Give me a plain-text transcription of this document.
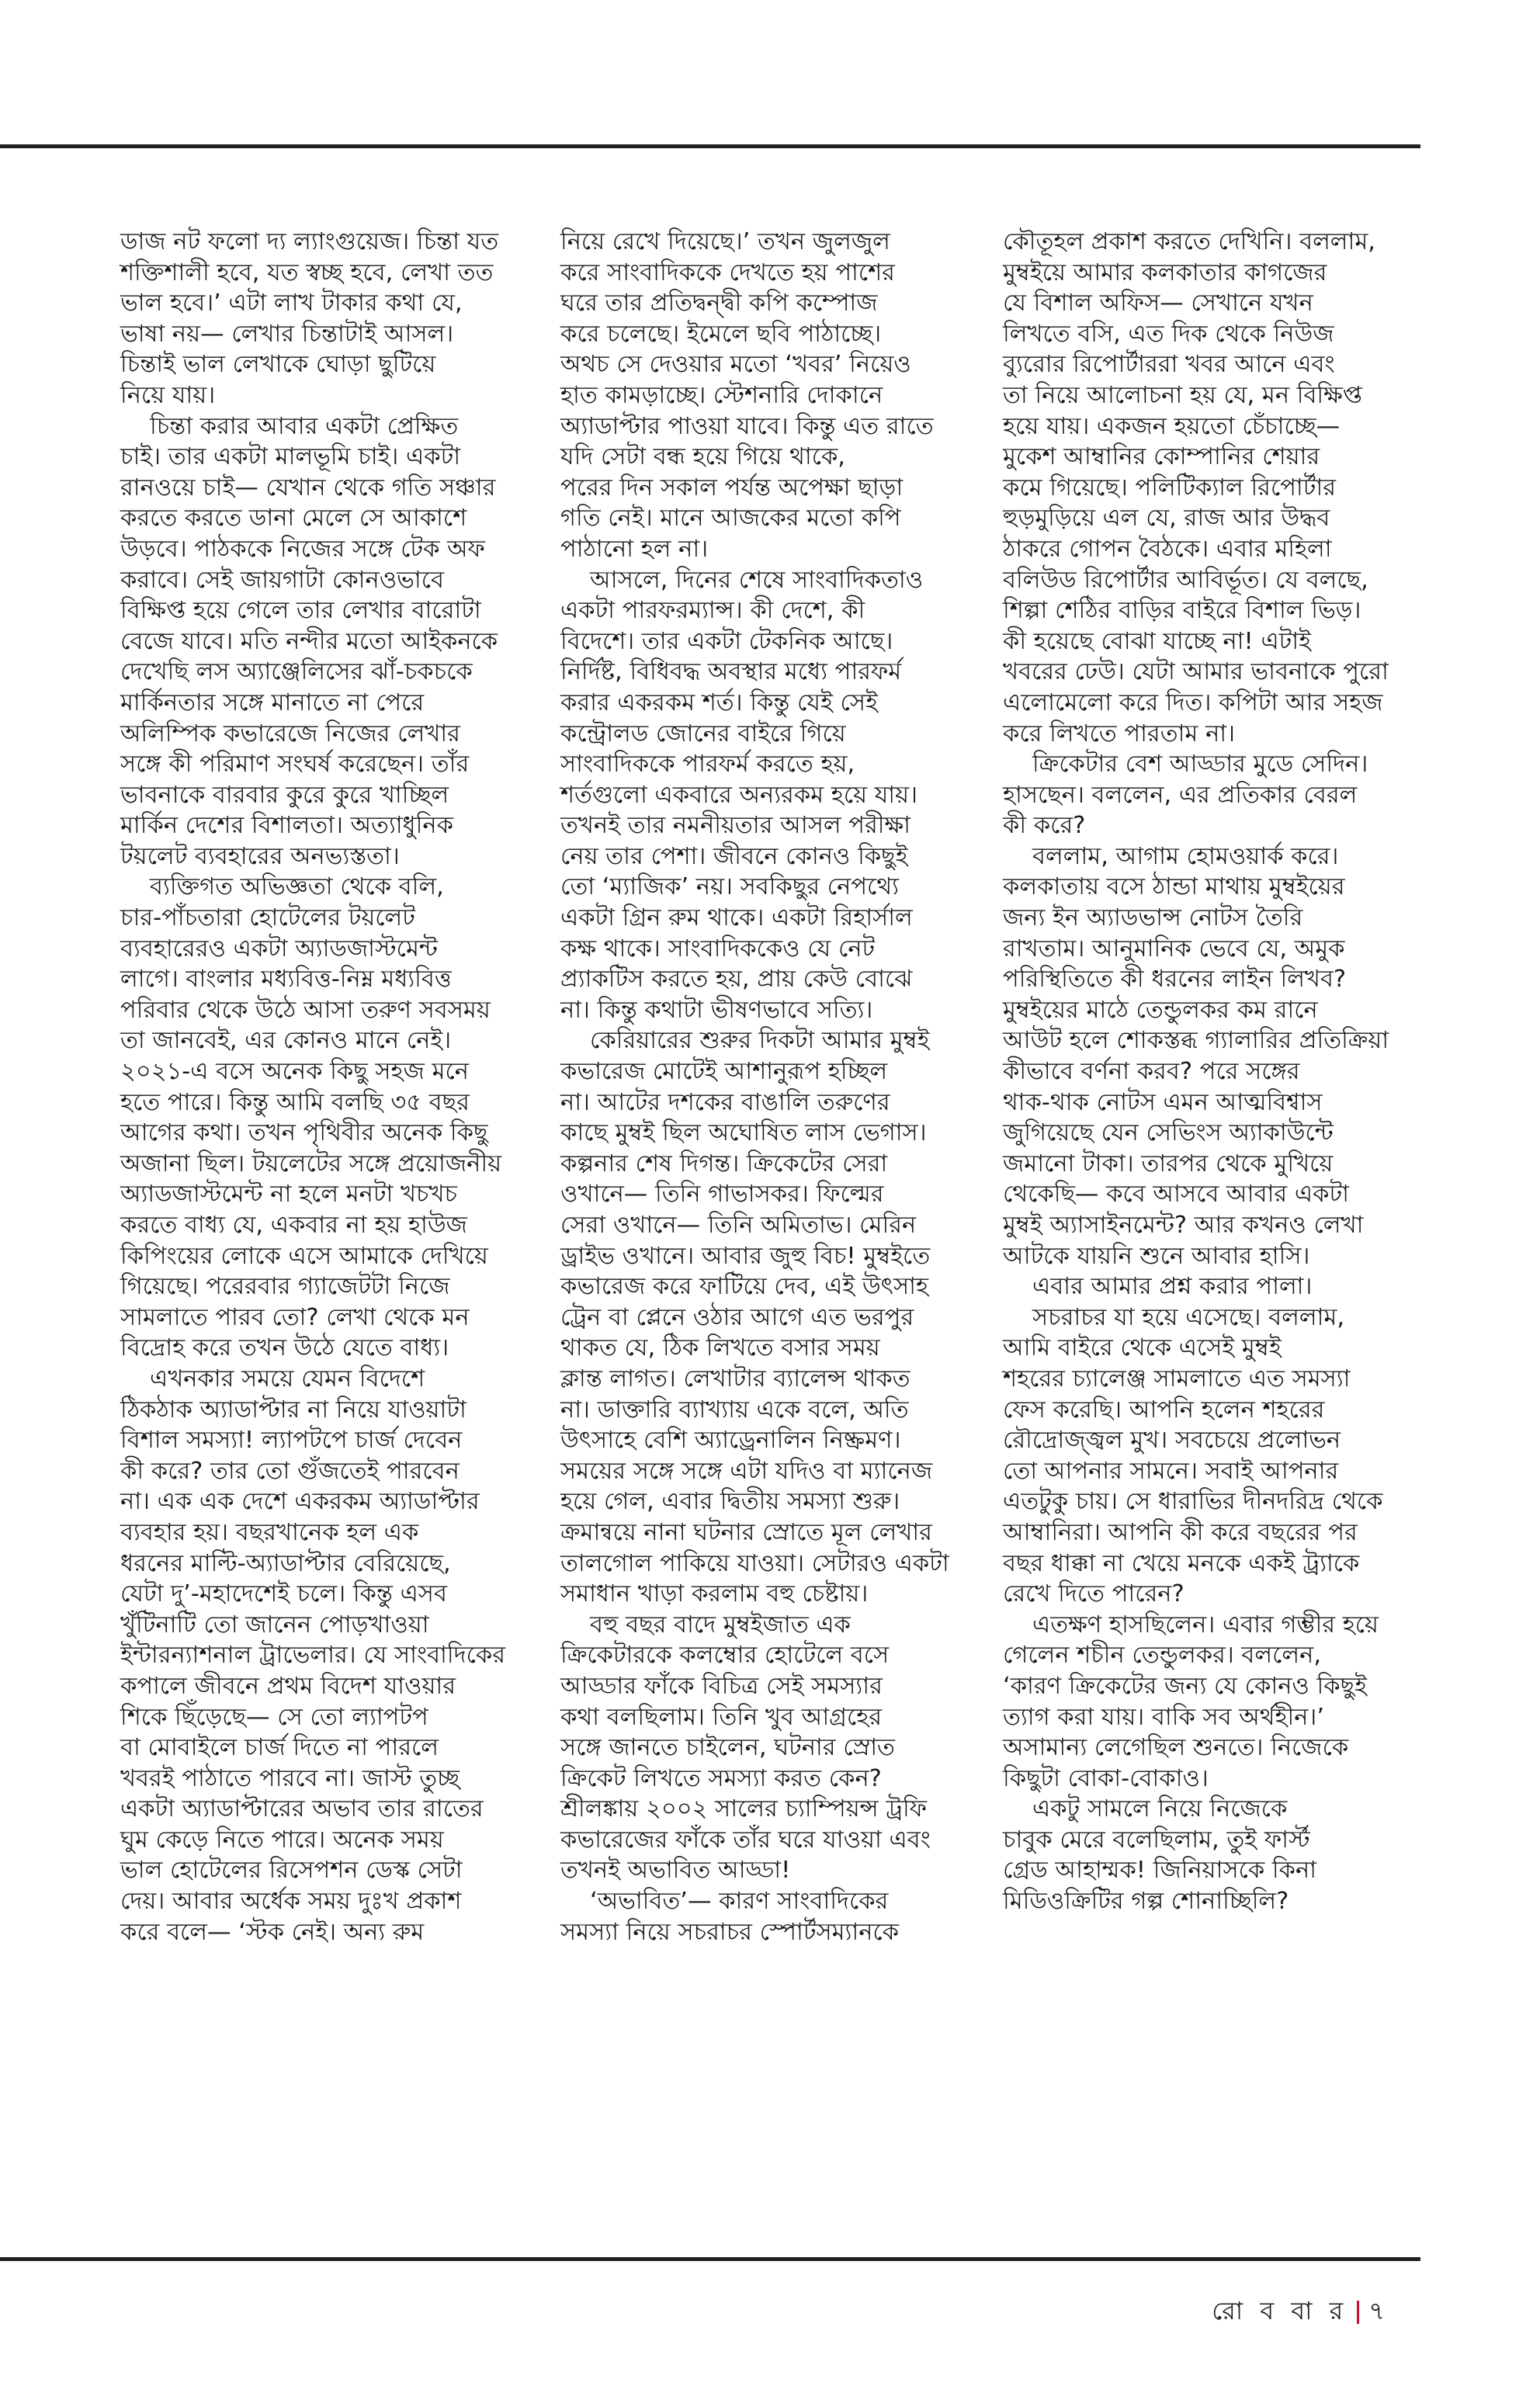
ডাজ নট ফলো দ্য ল্যাংগুয়েজ। চিন্তা যত
শক্তিশালী হবে, যত স্বচ্ছ হবে, লেখা তত
ভাল হবে।’ এটা লাখ টাকার কথা যে,
ভাষা নয়— লেখার চিন্তাটাই আসল।
চিন্তাই ভাল লেখাকে ঘোড়া ছুটিয়ে
নিয়ে যায়।
চিন্তা করার আবার একটা প্রেক্ষিত
চাই। তার একটা মালভূমি চাই। একটা
রানওয়ে চাই— যেখান থেকে গতি সঞ্চার
করতে করতে ডানা মেলে সে আকাশে
উড়বে। পাঠককে নিজের সঙ্গে টেক অফ
করাবে। সেই জায়গাটা কোনওভাবে
বিক্ষিপ্ত হয়ে গেলে তার লেখার বারোটা
বেজে যাবে। মতি নন্দীর মতো আইকনকে
দেখেছি লস অ্যাঞ্জেলিসের ঝাঁ-চকচকে
মার্কিনতার সঙ্গে মানাতে না পেরে
অলিম্পিক কভারেজে নিজের লেখার
সঙ্গে কী পরিমাণ সংঘর্ষ করেছেন। তাঁর
ভাবনাকে বারবার কুরে কুরে খাচ্ছিল
মার্কিন দেশের বিশালতা। অত্যাধুনিক
টয়লেট ব্যবহারের অনভ্যস্ততা।
ব্যক্তিগত অভিজ্ঞতা থেকে বলি,
চার-পাঁচতারা হোটেলের টয়লেট
ব্যবহারেরও একটা অ্যাডজাস্টমেন্ট
লাগে। বাংলার মধ্যবিত্ত-নিম্ন মধ্যবিত্ত
পরিবার থেকে উঠে আসা তরুণ সবসময়
তা জানবেই, এর কোনও মানে নেই।
২০২১-এ বসে অনেক কিছু সহজ মনে
হতে পারে। কিন্তু আমি বলছি ৩৫ বছর
আগের কথা। তখন পৃথিবীর অনেক কিছু
অজানা ছিল। টয়লেটের সঙ্গে প্রয়োজনীয়
অ্যাডজাস্টমেন্ট না হলে মনটা খচখচ
করতে বাধ্য যে, একবার না হয় হাউজ
কিপিংয়ের লোকে এসে আমাকে দেখিয়ে
গিয়েছে। পরেরবার গ্যাজেটটা নিজে
সামলাতে পারব তো? লেখা থেকে মন
বিদ্রোহ করে তখন উঠে যেতে বাধ্য।
এখনকার সময়ে যেমন বিদেশে
ঠিকঠাক অ্যাডাপ্টার না নিয়ে যাওয়াটা
বিশাল সমস্যা! ল্যাপটপে চার্জ দেবেন
কী করে? তার তো গুঁজতেই পারবেন
না। এক এক দেশে একরকম অ্যাডাপ্টার
ব্যবহার হয়। বছরখানেক হল এক
ধরনের মাল্টি-অ্যাডাপ্টার বেরিয়েছে,
যেটা দু’-মহাদেশেই চলে। কিন্তু এসব
খুঁটিনাটি তো জানেন পোড়খাওয়া
ইন্টারন্যাশনাল ট্রাভেলার। যে সাংবাদিকের
কপালে জীবনে প্রথম বিদেশ যাওয়ার
শিকে ছিঁড়েছে— সে তো ল্যাপটপ
বা মোবাইলে চার্জ দিতে না পারলে
খবরই পাঠাতে পারবে না। জাস্ট তুচ্ছ
একটা অ্যাডাপ্টারের অভাব তার রাতের
ঘুম কেড়ে নিতে পারে। অনেক সময়
ভাল হোটেলের রিসেপশন ডেস্ক সেটা
দেয়। আবার অর্ধেক সময় দুঃখ প্রকাশ
করে বলে— ‘স্টক নেই। অন্য রুম
নিয়ে রেখে দিয়েছে।’ তখন জুলজুল
করে সাংবাদিককে দেখতে হয় পাশের
ঘরে তার প্রতিদ্বন্দ্বী কপি কম্পোজ
করে চলেছে। ইমেলে ছবি পাঠাচ্ছে।
অথচ সে দেওয়ার মতো ‘খবর’ নিয়েও
হাত কামড়াচ্ছে। স্টেশনারি দোকানে
অ্যাডাপ্টার পাওয়া যাবে। কিন্তু এত রাতে
যদি সেটা বন্ধ হয়ে গিয়ে থাকে,
পরের দিন সকাল পর্যন্ত অপেক্ষা ছাড়া
গতি নেই। মানে আজকের মতো কপি
পাঠানো হল না।
আসলে, দিনের শেষে সাংবাদিকতাও
একটা পারফরম্যান্স। কী দেশে, কী
বিদেশে। তার একটা টেকনিক আছে।
নির্দিষ্ট, বিধিবদ্ধ অবস্থার মধ্যে পারফর্ম
করার একরকম শর্ত। কিন্তু যেই সেই
কন্ট্রোলড জোনের বাইরে গিয়ে
সাংবাদিককে পারফর্ম করতে হয়,
শর্তগুলো একবারে অন্যরকম হয়ে যায়।
তখনই তার নমনীয়তার আসল পরীক্ষা
নেয় তার পেশা। জীবনে কোনও কিছুই
তো ‘ম্যাজিক’ নয়। সবকিছুর নেপথ্যে
একটা গ্রিন রুম থাকে। একটা রিহার্সাল
কক্ষ থাকে। সাংবাদিককেও যে নেট
প্র্যাকটিস করতে হয়, প্রায় কেউ বোঝে
না। কিন্তু কথাটা ভীষণভাবে সত্যি।
কেরিয়ারের শুরুর দিকটা আমার মুম্বই
কভারেজ মোটেই আশানুরূপ হচ্ছিল
না। আটের দশকের বাঙালি তরুণের
কাছে মুম্বই ছিল অঘোষিত লাস ভেগাস।
কল্পনার শেষ দিগন্ত। ক্রিকেটের সেরা
ওখানে— তিনি গাভাসকর। ফিল্মের
সেরা ওখানে— তিনি অমিতাভ। মেরিন
ড্রাইভ ওখানে। আবার জুহু বিচ! মুম্বইতে
কভারেজ করে ফাটিয়ে দেব, এই উৎসাহ
ট্রেন বা প্লেনে ওঠার আগে এত ভরপুর
থাকত যে, ঠিক লিখতে বসার সময়
ক্লান্ত লাগত। লেখাটার ব্যালেন্স থাকত
না। ডাক্তারি ব্যাখ্যায় একে বলে, অতি
উৎসাহে বেশি অ্যাড্রেনালিন নিষ্ক্রমণ।
সময়ের সঙ্গে সঙ্গে এটা যদিও বা ম্যানেজ
হয়ে গেল, এবার দ্বিতীয় সমস্যা শুরু।
ক্রমান্বয়ে নানা ঘটনার স্রোতে মূল লেখার
তালগোল পাকিয়ে যাওয়া। সেটারও একটা
সমাধান খাড়া করলাম বহু চেষ্টায়।
বহু বছর বাদে মুম্বইজাত এক
ক্রিকেটারকে কলম্বোর হোটেলে বসে
আড্ডার ফাঁকে বিচিত্র সেই সমস্যার
কথা বলছিলাম। তিনি খুব আগ্রহের
সঙ্গে জানতে চাইলেন, ঘটনার স্রোত
ক্রিকেট লিখতে সমস্যা করত কেন?
শ্রীলঙ্কায় ২০০২ সালের চ্যাম্পিয়ন্স ট্রফি
কভারেজের ফাঁকে তাঁর ঘরে যাওয়া এবং
তখনই অভাবিত আড্ডা!
‘অভাবিত’— কারণ সাংবাদিকের
সমস্যা নিয়ে সচরাচর স্পোর্টসম্যানকে
কৌতূহল প্রকাশ করতে দেখিনি। বললাম,
মুম্বইয়ে আমার কলকাতার কাগজের
যে বিশাল অফিস— সেখানে যখন
লিখতে বসি, এত দিক থেকে নিউজ
ব্যুরোর রিপোর্টাররা খবর আনে এবং
তা নিয়ে আলোচনা হয় যে, মন বিক্ষিপ্ত
হয়ে যায়। একজন হয়তো চেঁচাচ্ছে—
মুকেশ আম্বানির কোম্পানির শেয়ার
কমে গিয়েছে। পলিটিক্যাল রিপোর্টার
হুড়মুড়িয়ে এল যে, রাজ আর উদ্ধব
ঠাকরে গোপন বৈঠকে। এবার মহিলা
বলিউড রিপোর্টার আবির্ভূত। যে বলছে,
শিল্পা শেঠির বাড়ির বাইরে বিশাল ভিড়।
কী হয়েছে বোঝা যাচ্ছে না! এটাই
খবরের ঢেউ। যেটা আমার ভাবনাকে পুরো
এলোমেলো করে দিত। কপিটা আর সহজ
করে লিখতে পারতাম না।
ক্রিকেটার বেশ আড্ডার মুডে সেদিন।
হাসছেন। বললেন, এর প্রতিকার বেরল
কী করে?
বললাম, আগাম হোমওয়ার্ক করে।
কলকাতায় বসে ঠান্ডা মাথায় মুম্বইয়ের
জন্য ইন অ্যাডভান্স নোটস তৈরি
রাখতাম। আনুমানিক ভেবে যে, অমুক
পরিস্থিতিতে কী ধরনের লাইন লিখব?
মুম্বইয়ের মাঠে তেন্ডুলকর কম রানে
আউট হলে শোকস্তব্ধ গ্যালারির প্রতিক্রিয়া
কীভাবে বর্ণনা করব? পরে সঙ্গের
থাক-থাক নোটস এমন আত্মবিশ্বাস
জুগিয়েছে যেন সেভিংস অ্যাকাউন্টে
জমানো টাকা। তারপর থেকে মুখিয়ে
থেকেছি— কবে আসবে আবার একটা
মুম্বই অ্যাসাইনমেন্ট? আর কখনও লেখা
আটকে যায়নি শুনে আবার হাসি।
এবার আমার প্রশ্ন করার পালা।
সচরাচর যা হয়ে এসেছে। বললাম,
আমি বাইরে থেকে এসেই মুম্বই
শহরের চ্যালেঞ্জ সামলাতে এত সমস্যা
ফেস করেছি। আপনি হলেন শহরের
রৌদ্রোজ্জ্বল মুখ। সবচেয়ে প্রলোভন
তো আপনার সামনে। সবাই আপনার
এতটুকু চায়। সে ধারাভির দীনদরিদ্র থেকে
আম্বানিরা। আপনি কী করে বছরের পর
বছর ধাক্কা না খেয়ে মনকে একই ট্র্যাকে
রেখে দিতে পারেন?
এতক্ষণ হাসছিলেন। এবার গম্ভীর হয়ে
গেলেন শচীন তেন্ডুলকর। বললেন,
‘কারণ ক্রিকেটের জন্য যে কোনও কিছুই
ত্যাগ করা যায়। বাকি সব অর্থহীন।’
অসামান্য লেগেছিল শুনতে। নিজেকে
কিছুটা বোকা-বোকাও।
একটু সামলে নিয়ে নিজেকে
চাবুক মেরে বলেছিলাম, তুই ফার্স্ট
গ্রেড আহাম্মক! জিনিয়াসকে কিনা
মিডিওক্রিটির গল্প শোনাচ্ছিলি?
রো ব বা র ৭
